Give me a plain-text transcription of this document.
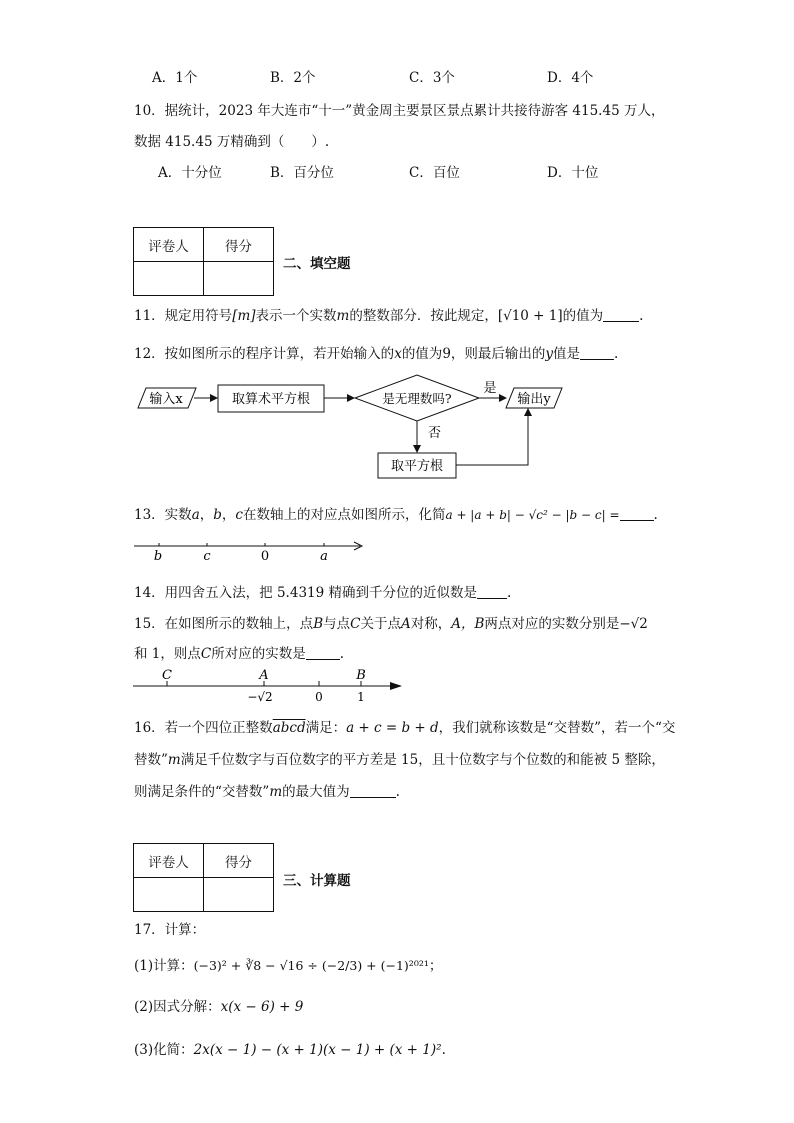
A．1个	B．2个	C．3个	D．4个
10．据统计，2023 年大连市“十一”黄金周主要景区景点累计共接待游客 415.45 万人，
数据 415.45 万精确到（　　）.
A．十分位	B．百分位	C．百位	D．十位
评卷人	得分

二、填空题
11．规定用符号[m]表示一个实数m的整数部分．按此规定，[√10 + 1]的值为	.
12．按如图所示的程序计算，若开始输入的x的值为9，则最后输出的y值是	.
输入x	取算术平方根	是无理数吗?
是
输出y
否
取平方根
13．实数a，b，c在数轴上的对应点如图所示，化简a + |a + b| − √c² − |b − c| =	.
b	c	0	a
14．用四舍五入法，把 5.4319 精确到千分位的近似数是 .
15．在如图所示的数轴上，点B与点C关于点A对称，A，B两点对应的实数分别是−√2
和 1，则点C所对应的实数是	.
C	A	B
−√2	0	1
16．若一个四位正整数abcd满足：a + c = b + d，我们就称该数是“交替数”，若一个“交
替数”m满足千位数字与百位数字的平方差是 15，且十位数字与个位数的和能被 5 整除，
则满足条件的“交替数”m的最大值为	.
评卷人	得分

三、计算题
17．计算：
(1)计算：(−3)² + ∛8 − √16 ÷ (−2/3) + (−1)²⁰²¹；
(2)因式分解：x(x − 6) + 9
(3)化简：2x(x − 1) − (x + 1)(x − 1) + (x + 1)².
